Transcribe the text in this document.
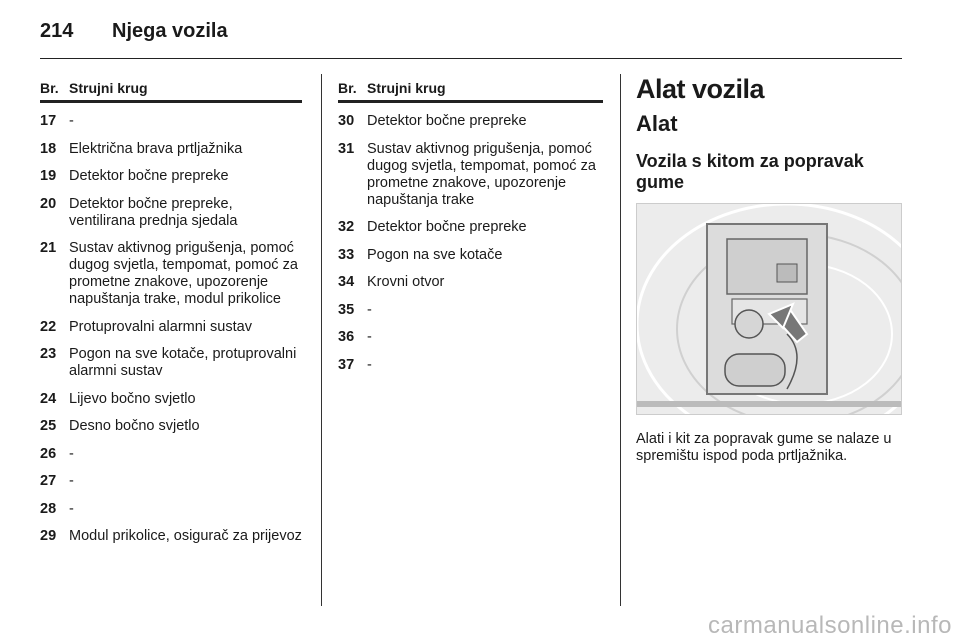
214 Njega vozila
Br. Strujni krug
17 -
18 Električna brava prtljažnika
19 Detektor bočne prepreke
20 Detektor bočne prepreke, ventilirana prednja sjedala
21 Sustav aktivnog prigušenja, pomoć dugog svjetla, tempomat, pomoć za prometne znakove, upozorenje napuštanja trake, modul prikolice
22 Protuprovalni alarmni sustav
23 Pogon na sve kotače, protuprovalni alarmni sustav
24 Lijevo bočno svjetlo
25 Desno bočno svjetlo
26 -
27 -
28 -
29 Modul prikolice, osigurač za prijevoz
Br. Strujni krug
30 Detektor bočne prepreke
31 Sustav aktivnog prigušenja, pomoć dugog svjetla, tempomat, pomoć za prometne znakove, upozorenje napuštanja trake
32 Detektor bočne prepreke
33 Pogon na sve kotače
34 Krovni otvor
35 -
36 -
37 -
Alat vozila
Alat
Vozila s kitom za popravak gume
Alati i kit za popravak gume se nalaze u spremištu ispod poda prtljažnika.
carmanualsonline.info
